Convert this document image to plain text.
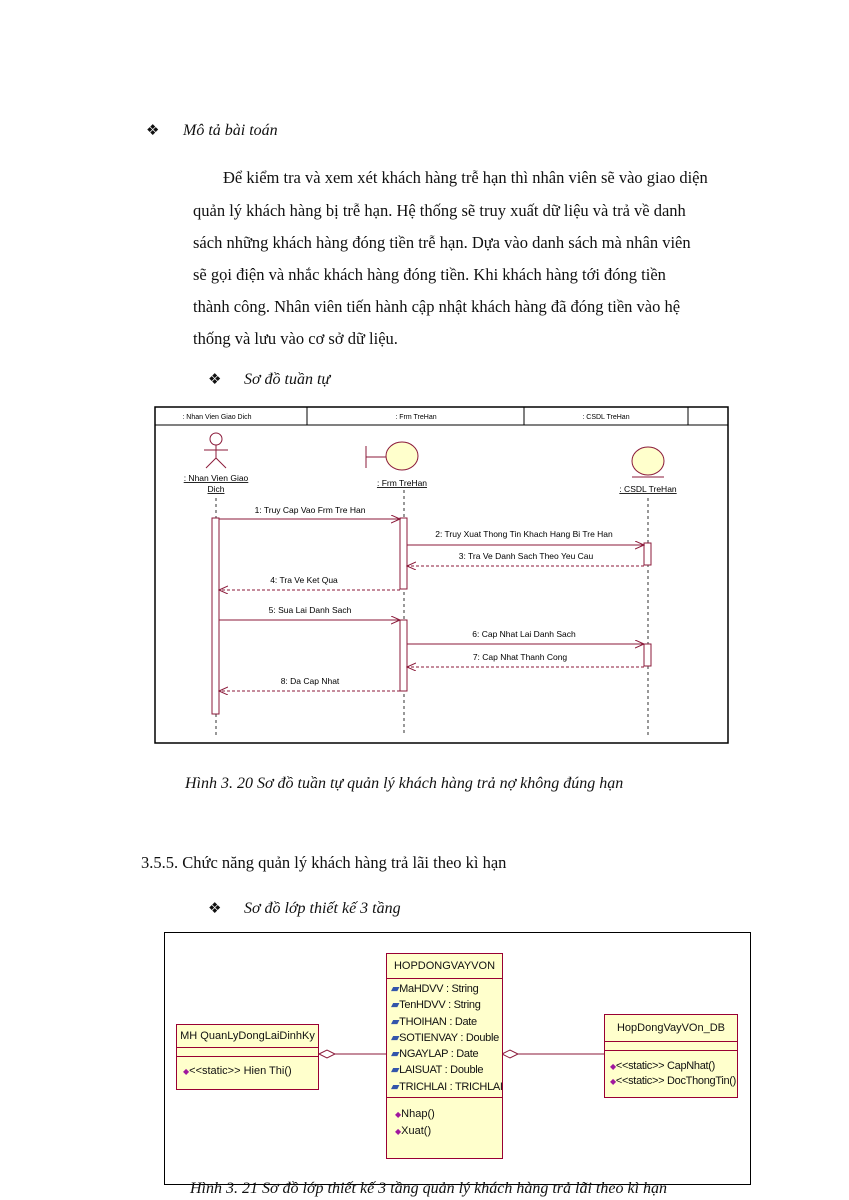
❖ Mô tả bài toán
Để kiểm tra và xem xét khách hàng trễ hạn thì nhân viên sẽ vào giao diện
quản lý khách hàng bị trễ hạn. Hệ thống sẽ truy xuất dữ liệu và trả về danh
sách những khách hàng đóng tiền trễ hạn. Dựa vào danh sách mà nhân viên
sẽ gọi điện và nhắc khách hàng đóng tiền. Khi khách hàng tới đóng tiền
thành công. Nhân viên tiến hành cập nhật khách hàng đã đóng tiền vào hệ
thống và lưu vào cơ sở dữ liệu.
❖ Sơ đồ tuần tự
: Nhan Vien Giao Dich	: Frm TreHan	: CSDL TreHan
: Nhan Vien Giao
Dich
: Frm TreHan
: CSDL TreHan
1: Truy Cap Vao Frm Tre Han
2: Truy Xuat Thong Tin Khach Hang Bi Tre Han
3: Tra Ve Danh Sach Theo Yeu Cau
4: Tra Ve Ket Qua
5: Sua Lai Danh Sach
6: Cap Nhat Lai Danh Sach
7: Cap Nhat Thanh Cong
8: Da Cap Nhat
Hình 3. 20 Sơ đồ tuần tự quản lý khách hàng trả nợ không đúng hạn
3.5.5. Chức năng quản lý khách hàng trả lãi theo kì hạn
❖ Sơ đồ lớp thiết kế 3 tầng
MH QuanLyDongLaiDinhKy
◆<<static>> Hien Thi()
HOPDONGVAYVON
▰MaHDVV : String
▰TenHDVV : String
▰THOIHAN : Date
▰SOTIENVAY : Double
▰NGAYLAP : Date
▰LAISUAT : Double
▰TRICHLAI : TRICHLAI
◆Nhap()
◆Xuat()
HopDongVayVOn_DB
◆<<static>> CapNhat()
◆<<static>> DocThongTin()
Hình 3. 21 Sơ đồ lớp thiết kế 3 tầng quản lý khách hàng trả lãi theo kì hạn
